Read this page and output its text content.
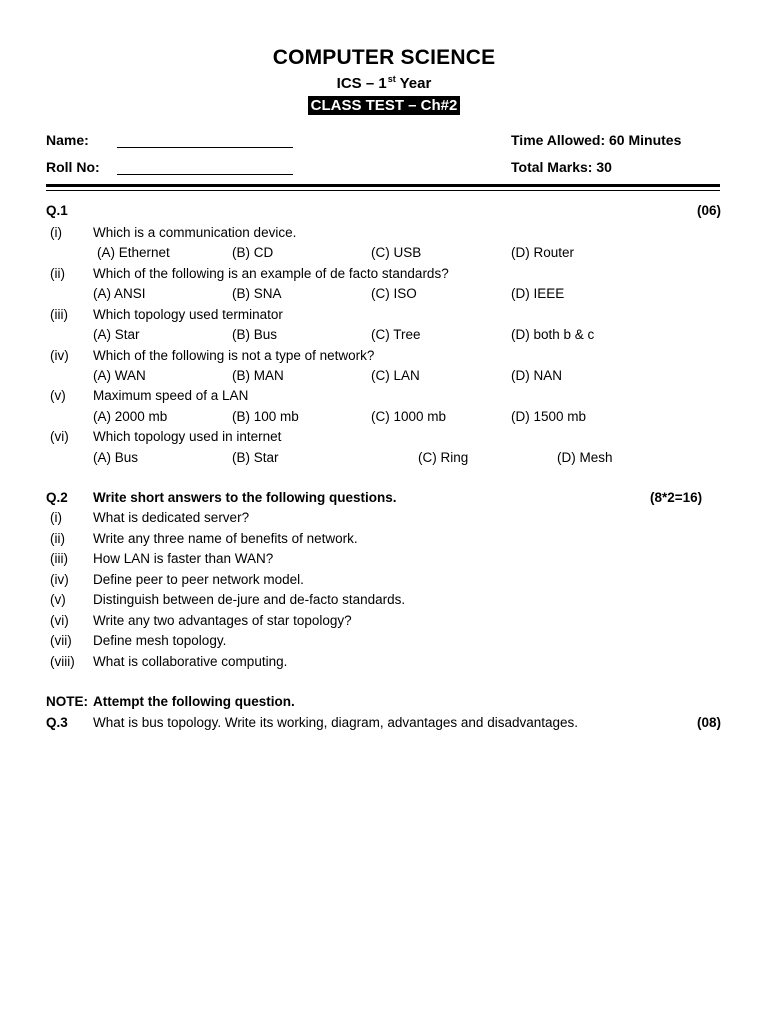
COMPUTER SCIENCE
ICS – 1st Year
CLASS TEST – Ch#2
Name:	Time Allowed: 60 Minutes
Roll No:	Total Marks: 30
Q.1	(06)
(i) Which is a communication device.
(A) Ethernet	(B) CD	(C) USB	(D) Router
(ii) Which of the following is an example of de facto standards?
(A) ANSI	(B) SNA	(C) ISO	(D) IEEE
(iii) Which topology used terminator
(A) Star	(B) Bus	(C) Tree	(D) both b & c
(iv) Which of the following is not a type of network?
(A) WAN	(B) MAN	(C) LAN	(D) NAN
(v) Maximum speed of a LAN
(A) 2000 mb	(B) 100 mb	(C) 1000 mb	(D) 1500 mb
(vi) Which topology used in internet
(A) Bus	(B) Star	(C) Ring	(D) Mesh
Q.2 Write short answers to the following questions.	(8*2=16)
(i) What is dedicated server?
(ii) Write any three name of benefits of network.
(iii) How LAN is faster than WAN?
(iv) Define peer to peer network model.
(v) Distinguish between de-jure and de-facto standards.
(vi) Write any two advantages of star topology?
(vii) Define mesh topology.
(viii) What is collaborative computing.
NOTE: Attempt the following question.
Q.3 What is bus topology. Write its working, diagram, advantages and disadvantages.	(08)
